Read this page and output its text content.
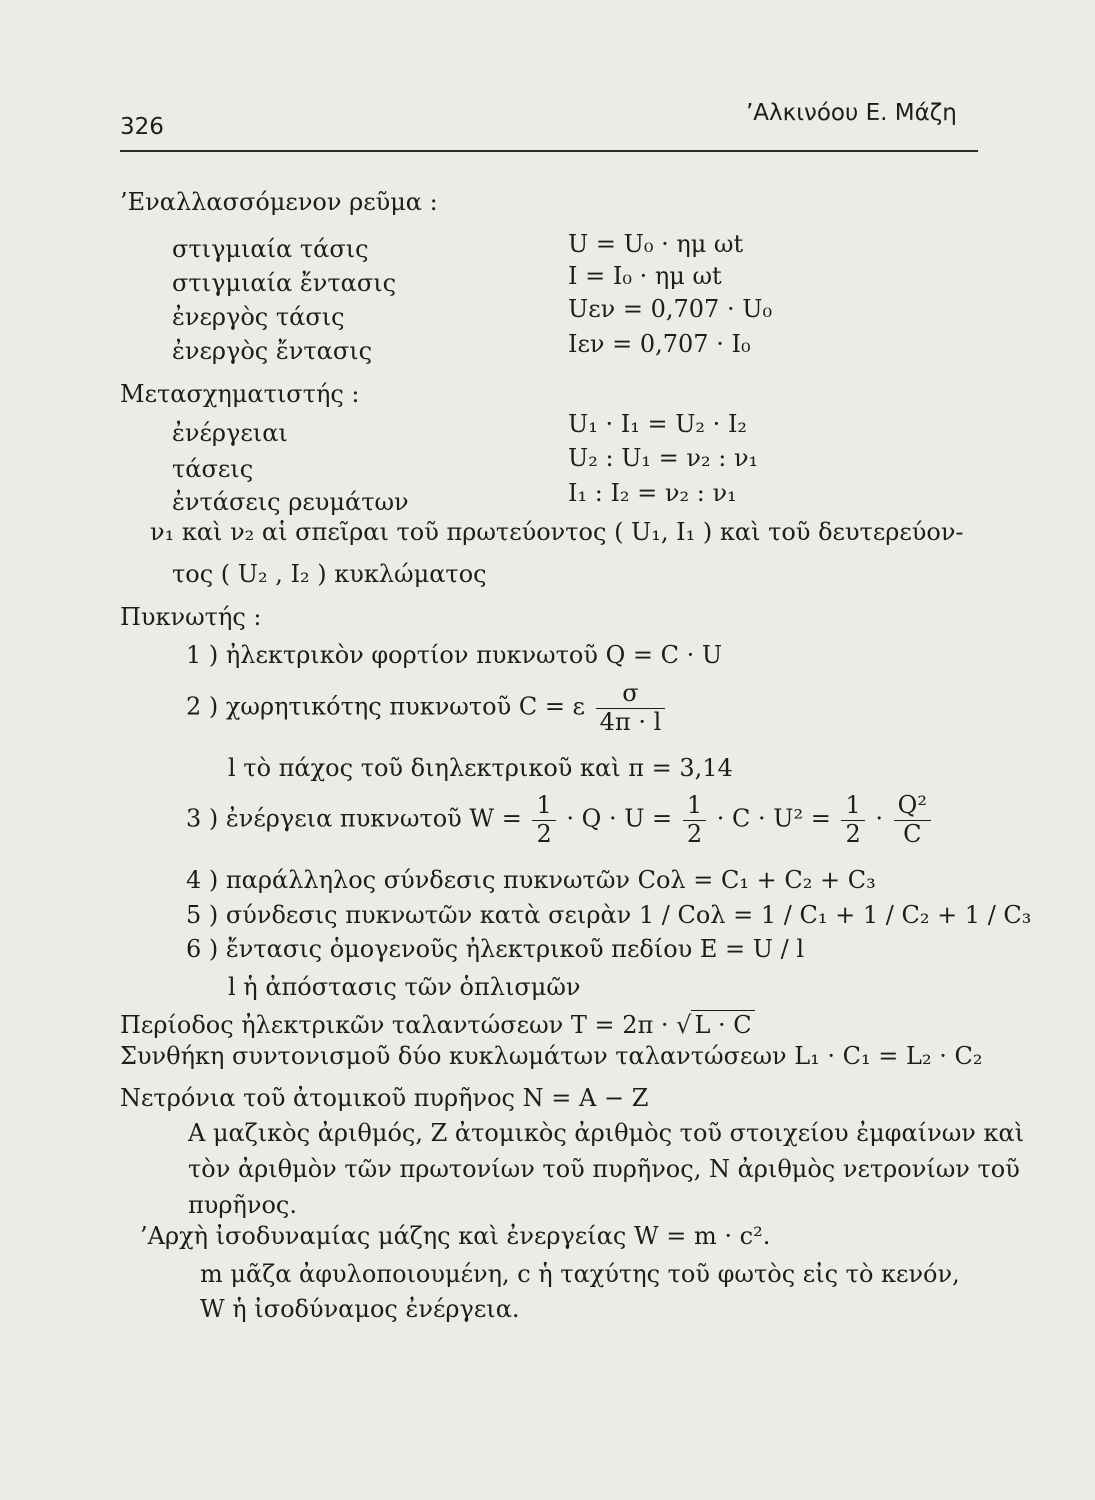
326
’Αλκινόου Ε. Μάζη
’Εναλλασσόμενον ρεῦμα :
στιγμιαία τάσις	U = U₀ · ημ ωt
στιγμιαία ἔντασις	I = I₀ · ημ ωt
ἐνεργὸς τάσις	Uεν = 0,707 · U₀
ἐνεργὸς ἔντασις	Iεν = 0,707 · I₀
Μετασχηματιστής :
ἐνέργειαι	U₁ · I₁ = U₂ · I₂
τάσεις	U₂ : U₁ = ν₂ : ν₁
ἐντάσεις ρευμάτων	I₁ : I₂ = ν₂ : ν₁
ν₁ καὶ ν₂ αἱ σπεῖραι τοῦ πρωτεύοντος ( U₁, I₁ ) καὶ τοῦ δευτερεύον-
τος ( U₂ , I₂ ) κυκλώματος
Πυκνωτής :
1 ) ἠλεκτρικὸν φορτίον πυκνωτοῦ Q = C · U
2 ) χωρητικότης πυκνωτοῦ C = ε $\frac{\sigma}{4\pi \cdot l}$
l τὸ πάχος τοῦ διηλεκτρικοῦ καὶ π = 3,14
3 ) ἐνέργεια πυκνωτοῦ $W = \frac{1}{2} \cdot Q \cdot U = \frac{1}{2} \cdot C \cdot U^2 = \frac{1}{2} \cdot \frac{\text{Q²}}{C}$
4 ) παράλληλος σύνδεσις πυκνωτῶν Cολ = C₁ + C₂ + C₃
5 ) σύνδεσις πυκνωτῶν κατὰ σειρὰν 1 / Cολ = 1 / C₁ + 1 / C₂ + 1 / C₃
6 ) ἔντασις ὁμογενοῦς ἠλεκτρικοῦ πεδίου E = U / l
l ἡ ἀπόστασις τῶν ὁπλισμῶν
Περίοδος ἠλεκτρικῶν ταλαντώσεων T = 2π · √ L · C
Συνθήκη συντονισμοῦ δύο κυκλωμάτων ταλαντώσεων L₁ · C₁ = L₂ · C₂
Νετρόνια τοῦ ἀτομικοῦ πυρῆνος N = A − Z
A μαζικὸς ἀριθμός, Z ἀτομικὸς ἀριθμὸς τοῦ στοιχείου ἐμφαίνων καὶ
τὸν ἀριθμὸν τῶν πρωτονίων τοῦ πυρῆνος, N ἀριθμὸς νετρονίων τοῦ
πυρῆνος.
’Αρχὴ ἰσοδυναμίας μάζης καὶ ἐνεργείας W = m · c².
m μᾶζα ἀφυλοποιουμένη, c ἡ ταχύτης τοῦ φωτὸς εἰς τὸ κενόν,
W ἡ ἰσοδύναμος ἐνέργεια.
